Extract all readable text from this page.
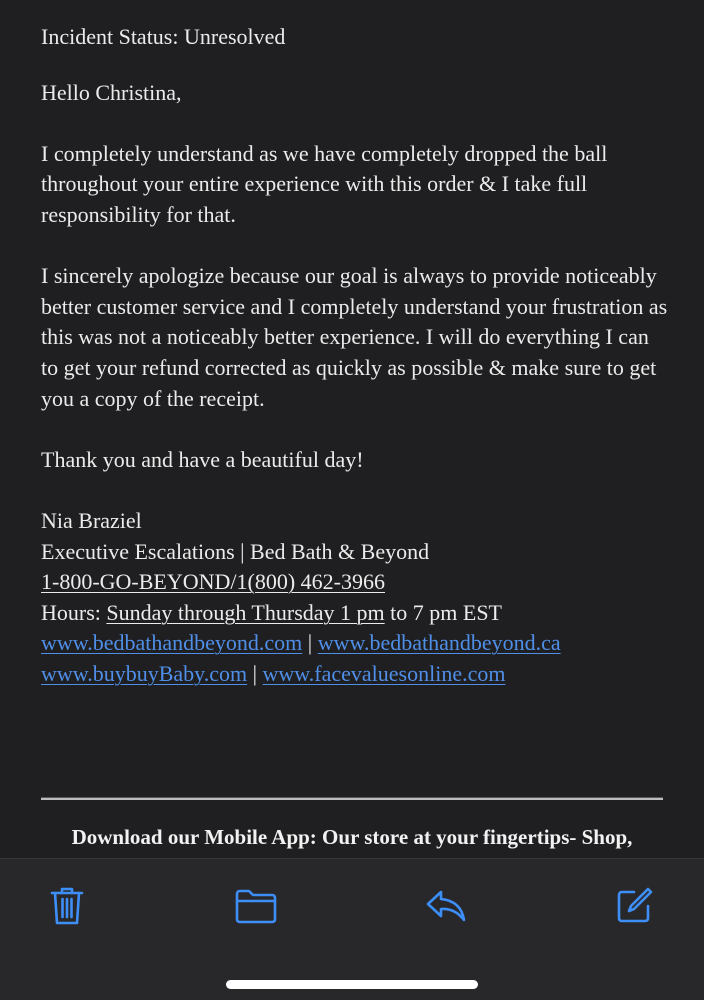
Incident Status: Unresolved

Hello Christina,

I completely understand as we have completely dropped the ball throughout your entire experience with this order & I take full responsibility for that.

I sincerely apologize because our goal is always to provide noticeably better customer service and I completely understand your frustration as this was not a noticeably better experience. I will do everything I can to get your refund corrected as quickly as possible & make sure to get you a copy of the receipt.

Thank you and have a beautiful day!

Nia Braziel

Executive Escalations | Bed Bath & Beyond

1-800-GO-BEYOND/1(800) 462-3966

Hours: Sunday through Thursday 1 pm to 7 pm EST

www.bedbathandbeyond.com | www.bedbathandbeyond.ca

www.buybuyBaby.com | www.facevaluesonline.com

Download our Mobile App: Our store at your fingertips- Shop,
